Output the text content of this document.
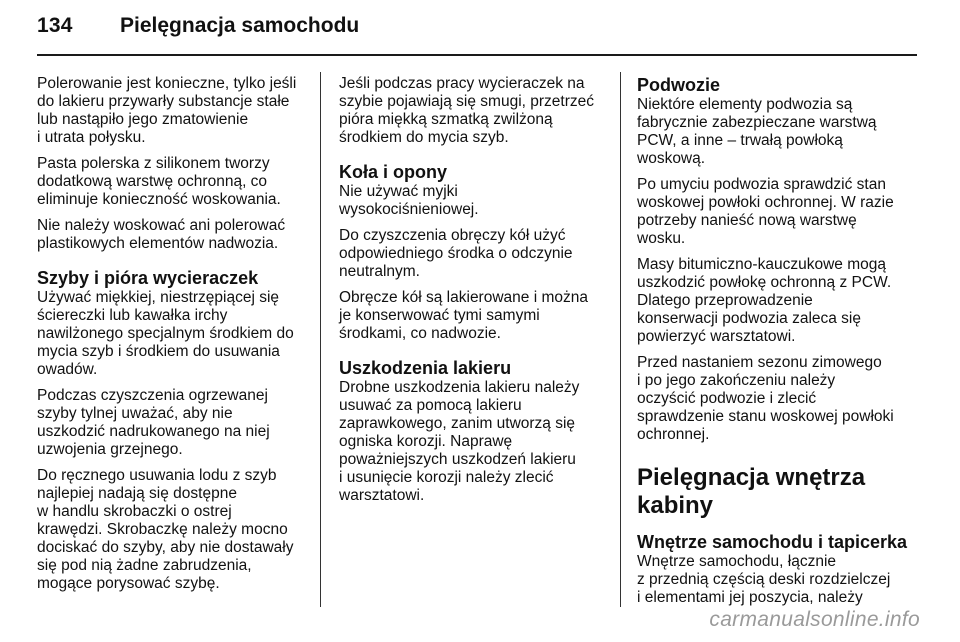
134 Pielęgnacja samochodu

Polerowanie jest konieczne, tylko jeśli
do lakieru przywarły substancje stałe
lub nastąpiło jego zmatowienie
i utrata połysku.

Pasta polerska z silikonem tworzy
dodatkową warstwę ochronną, co
eliminuje konieczność woskowania.

Nie należy woskować ani polerować
plastikowych elementów nadwozia.

Szyby i pióra wycieraczek

Używać miękkiej, niestrzępiącej się
ściereczki lub kawałka irchy
nawilżonego specjalnym środkiem do
mycia szyb i środkiem do usuwania
owadów.

Podczas czyszczenia ogrzewanej
szyby tylnej uważać, aby nie
uszkodzić nadrukowanego na niej
uzwojenia grzejnego.

Do ręcznego usuwania lodu z szyb
najlepiej nadają się dostępne
w handlu skrobaczki o ostrej
krawędzi. Skrobaczkę należy mocno
dociskać do szyby, aby nie dostawały
się pod nią żadne zabrudzenia,
mogące porysować szybę.

Jeśli podczas pracy wycieraczek na
szybie pojawiają się smugi, przetrzeć
pióra miękką szmatką zwilżoną
środkiem do mycia szyb.

Koła i opony

Nie używać myjki
wysokociśnieniowej.

Do czyszczenia obręczy kół użyć
odpowiedniego środka o odczynie
neutralnym.

Obręcze kół są lakierowane i można
je konserwować tymi samymi
środkami, co nadwozie.

Uszkodzenia lakieru

Drobne uszkodzenia lakieru należy
usuwać za pomocą lakieru
zaprawkowego, zanim utworzą się
ogniska korozji. Naprawę
poważniejszych uszkodzeń lakieru
i usunięcie korozji należy zlecić
warsztatowi.

Podwozie

Niektóre elementy podwozia są
fabrycznie zabezpieczane warstwą
PCW, a inne – trwałą powłoką
woskową.

Po umyciu podwozia sprawdzić stan
woskowej powłoki ochronnej. W razie
potrzeby nanieść nową warstwę
wosku.

Masy bitumiczno-kauczukowe mogą
uszkodzić powłokę ochronną z PCW.
Dlatego przeprowadzenie
konserwacji podwozia zaleca się
powierzyć warsztatowi.

Przed nastaniem sezonu zimowego
i po jego zakończeniu należy
oczyścić podwozie i zlecić
sprawdzenie stanu woskowej powłoki
ochronnej.

Pielęgnacja wnętrza
kabiny
Wnętrze samochodu i tapicerka

Wnętrze samochodu, łącznie
z przednią częścią deski rozdzielczej
i elementami jej poszycia, należy

carmanualsonline.info
